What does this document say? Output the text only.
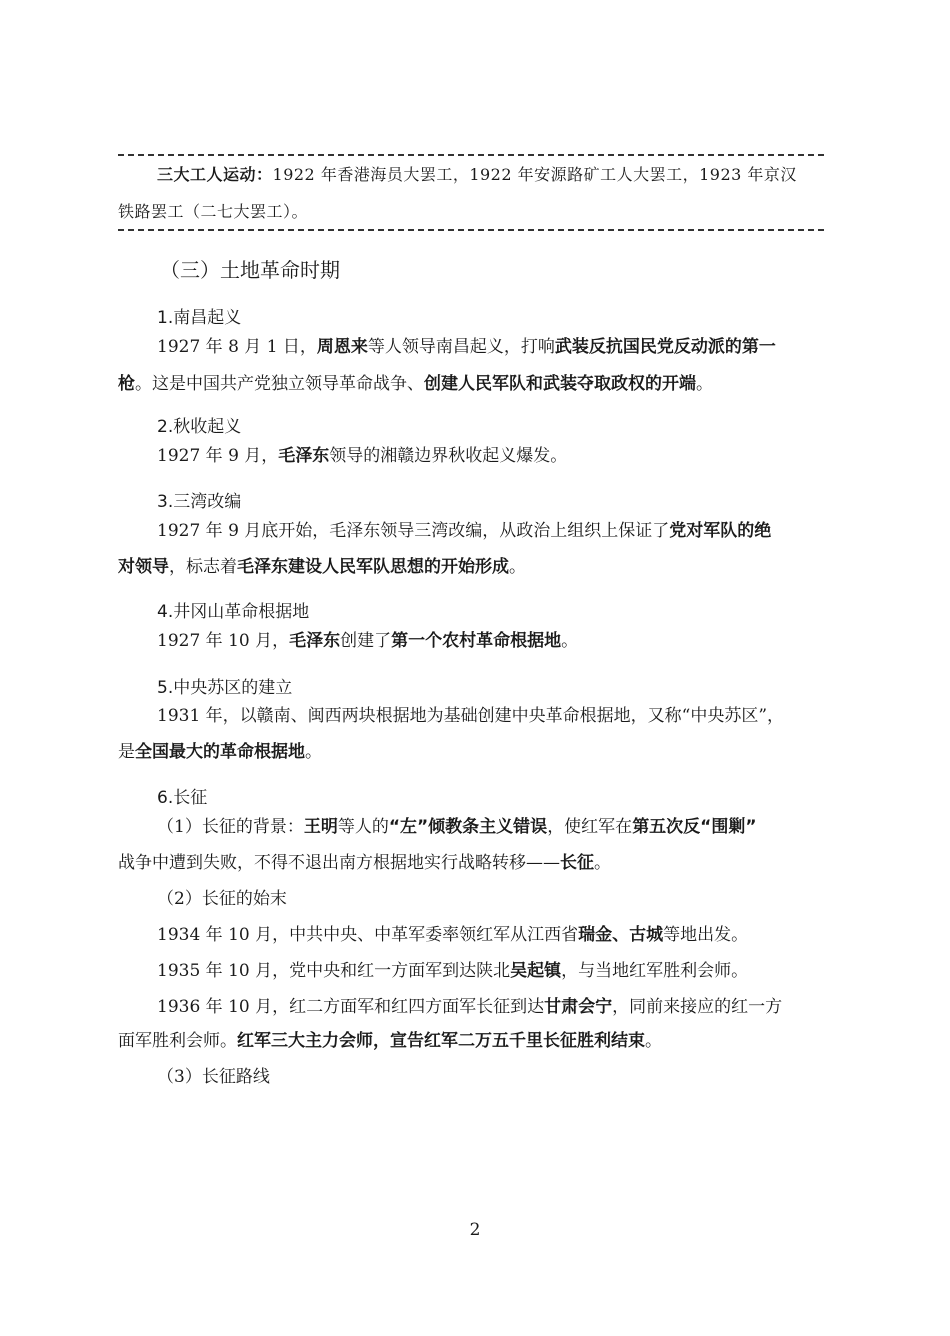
三大工人运动：1922 年香港海员大罢工，1922 年安源路矿工人大罢工，1923 年京汉
铁路罢工（二七大罢工）。
（三）土地革命时期
1.南昌起义
1927 年 8 月 1 日，周恩来等人领导南昌起义，打响武装反抗国民党反动派的第一
枪。这是中国共产党独立领导革命战争、创建人民军队和武装夺取政权的开端。
2.秋收起义
1927 年 9 月，毛泽东领导的湘赣边界秋收起义爆发。
3.三湾改编
1927 年 9 月底开始，毛泽东领导三湾改编，从政治上组织上保证了党对军队的绝
对领导，标志着毛泽东建设人民军队思想的开始形成。
4.井冈山革命根据地
1927 年 10 月，毛泽东创建了第一个农村革命根据地。
5.中央苏区的建立
1931 年，以赣南、闽西两块根据地为基础创建中央革命根据地，又称“中央苏区”，
是全国最大的革命根据地。
6.长征
（1）长征的背景：王明等人的“左”倾教条主义错误，使红军在第五次反“围剿”
战争中遭到失败，不得不退出南方根据地实行战略转移——长征。
（2）长征的始末
1934 年 10 月，中共中央、中革军委率领红军从江西省瑞金、古城等地出发。
1935 年 10 月，党中央和红一方面军到达陕北吴起镇，与当地红军胜利会师。
1936 年 10 月，红二方面军和红四方面军长征到达甘肃会宁，同前来接应的红一方
面军胜利会师。红军三大主力会师，宣告红军二万五千里长征胜利结束。
（3）长征路线
2
